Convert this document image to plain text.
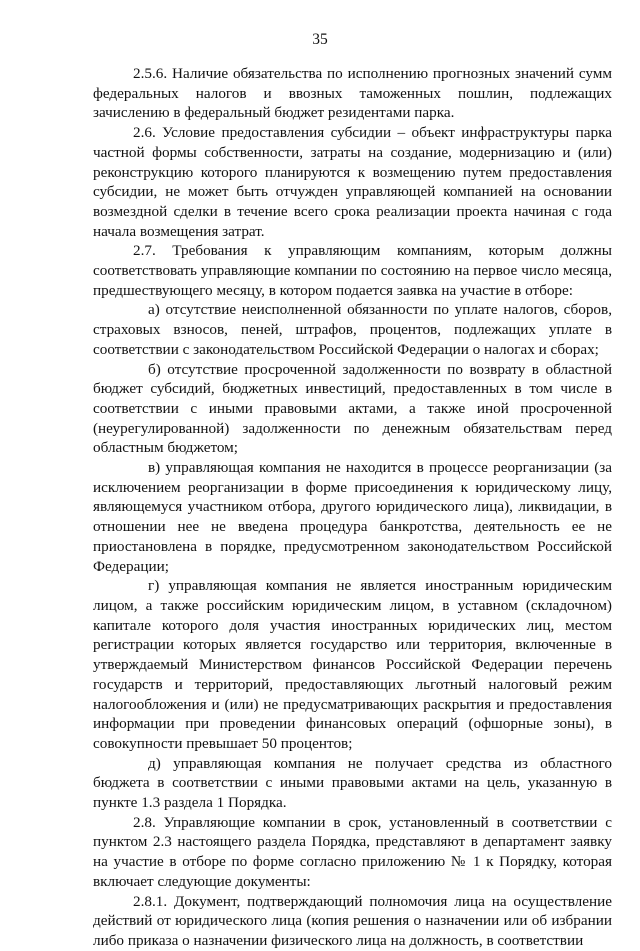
35

2.5.6. Наличие обязательства по исполнению прогнозных значений сумм федеральных налогов и ввозных таможенных пошлин, подлежащих зачислению в федеральный бюджет резидентами парка.

2.6. Условие предоставления субсидии – объект инфраструктуры парка частной формы собственности, затраты на создание, модернизацию и (или) реконструкцию которого планируются к возмещению путем предоставления субсидии, не может быть отчужден управляющей компанией на основании возмездной сделки в течение всего срока реализации проекта начиная с года начала возмещения затрат.

2.7. Требования к управляющим компаниям, которым должны соответствовать управляющие компании по состоянию на первое число месяца, предшествующего месяцу, в котором подается заявка на участие в отборе:

а) отсутствие неисполненной обязанности по уплате налогов, сборов, страховых взносов, пеней, штрафов, процентов, подлежащих уплате в соответствии с законодательством Российской Федерации о налогах и сборах;

б) отсутствие просроченной задолженности по возврату в областной бюджет субсидий, бюджетных инвестиций, предоставленных в том числе в соответствии с иными правовыми актами, а также иной просроченной (неурегулированной) задолженности по денежным обязательствам перед областным бюджетом;

в) управляющая компания не находится в процессе реорганизации (за исключением реорганизации в форме присоединения к юридическому лицу, являющемуся участником отбора, другого юридического лица), ликвидации, в отношении нее не введена процедура банкротства, деятельность ее не приостановлена в порядке, предусмотренном законодательством Российской Федерации;

г) управляющая компания не является иностранным юридическим лицом, а также российским юридическим лицом, в уставном (складочном) капитале которого доля участия иностранных юридических лиц, местом регистрации которых является государство или территория, включенные в утверждаемый Министерством финансов Российской Федерации перечень государств и территорий, предоставляющих льготный налоговый режим налогообложения и (или) не предусматривающих раскрытия и предоставления информации при проведении финансовых операций (офшорные зоны), в совокупности превышает 50 процентов;

д) управляющая компания не получает средства из областного бюджета в соответствии с иными правовыми актами на цель, указанную в пункте 1.3 раздела 1 Порядка.

2.8. Управляющие компании в срок, установленный в соответствии с пунктом 2.3 настоящего раздела Порядка, представляют в департамент заявку на участие в отборе по форме согласно приложению № 1 к Порядку, которая включает следующие документы:

2.8.1. Документ, подтверждающий полномочия лица на осуществление действий от юридического лица (копия решения о назначении или об избрании либо приказа о назначении физического лица на должность, в соответствии
